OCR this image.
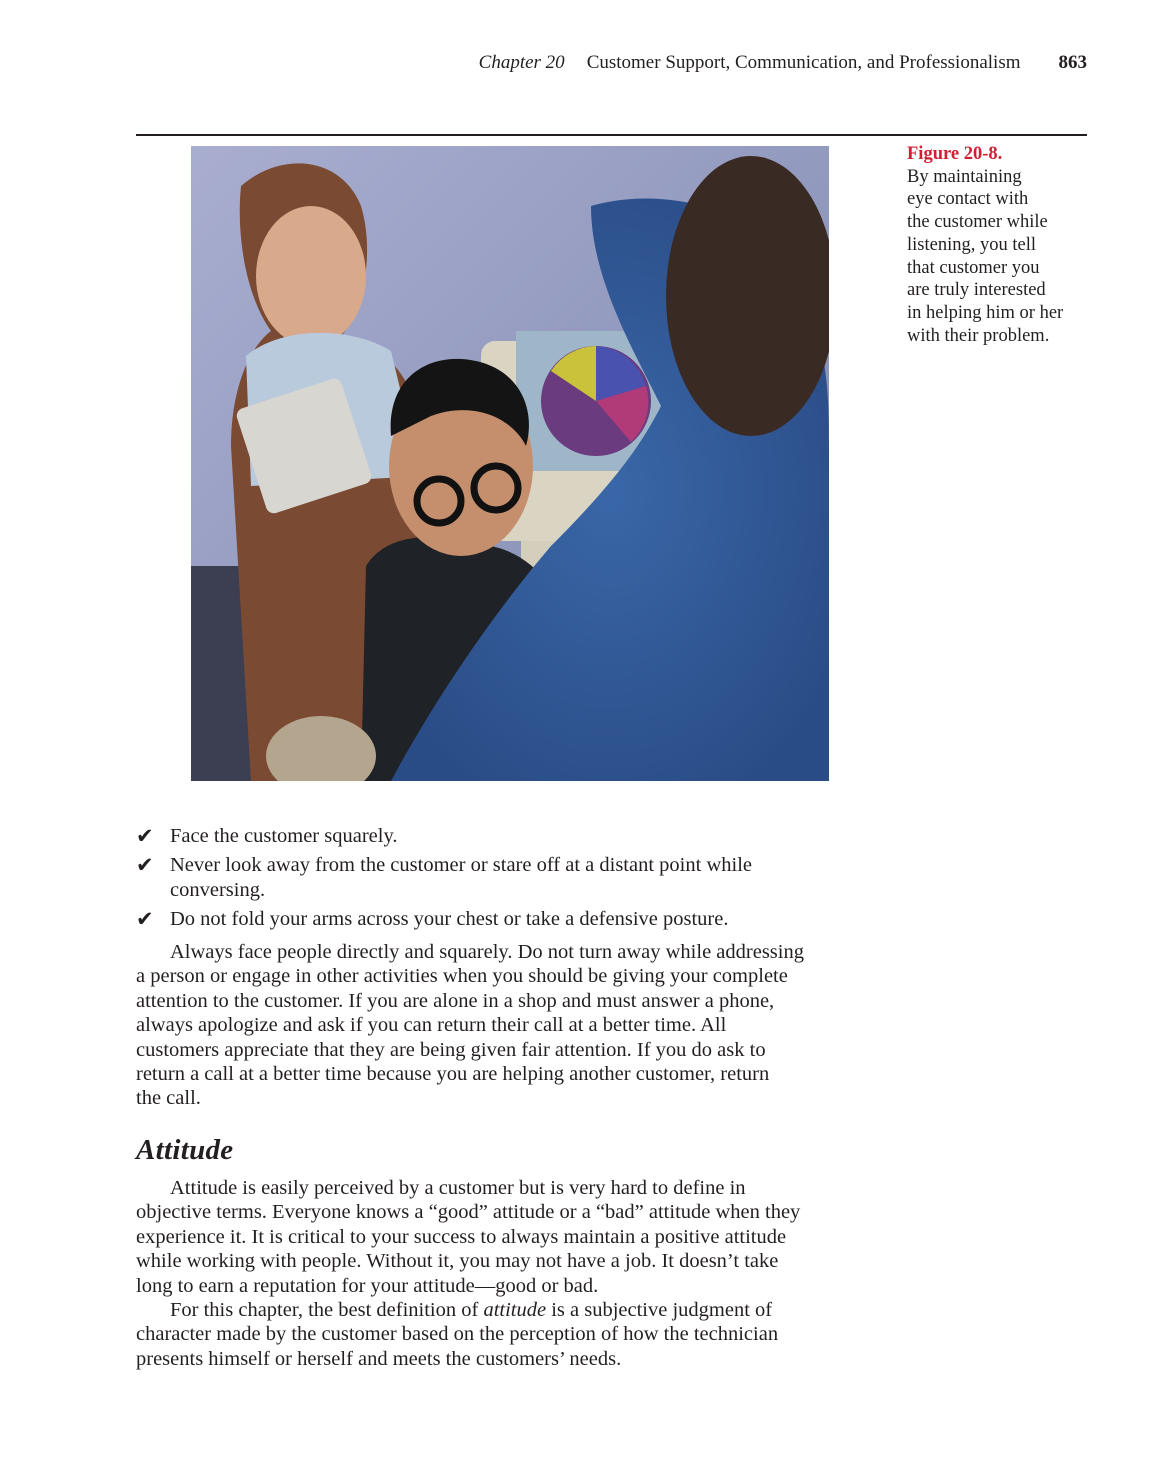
Chapter 20 Customer Support, Communication, and Professionalism 863
Figure 20-8.
By maintaining
eye contact with
the customer while
listening, you tell
that customer you
are truly interested
in helping him or her
with their problem.
✔ Face the customer squarely.
✔ Never look away from the customer or stare off at a distant point while
conversing.
✔ Do not fold your arms across your chest or take a defensive posture.
Always face people directly and squarely. Do not turn away while addressing
a person or engage in other activities when you should be giving your complete
attention to the customer. If you are alone in a shop and must answer a phone,
always apologize and ask if you can return their call at a better time. All
customers appreciate that they are being given fair attention. If you do ask to
return a call at a better time because you are helping another customer, return
the call.
Attitude
Attitude is easily perceived by a customer but is very hard to define in
objective terms. Everyone knows a “good” attitude or a “bad” attitude when they
experience it. It is critical to your success to always maintain a positive attitude
while working with people. Without it, you may not have a job. It doesn’t take
long to earn a reputation for your attitude—good or bad.
For this chapter, the best definition of attitude is a subjective judgment of
character made by the customer based on the perception of how the technician
presents himself or herself and meets the customers’ needs.
